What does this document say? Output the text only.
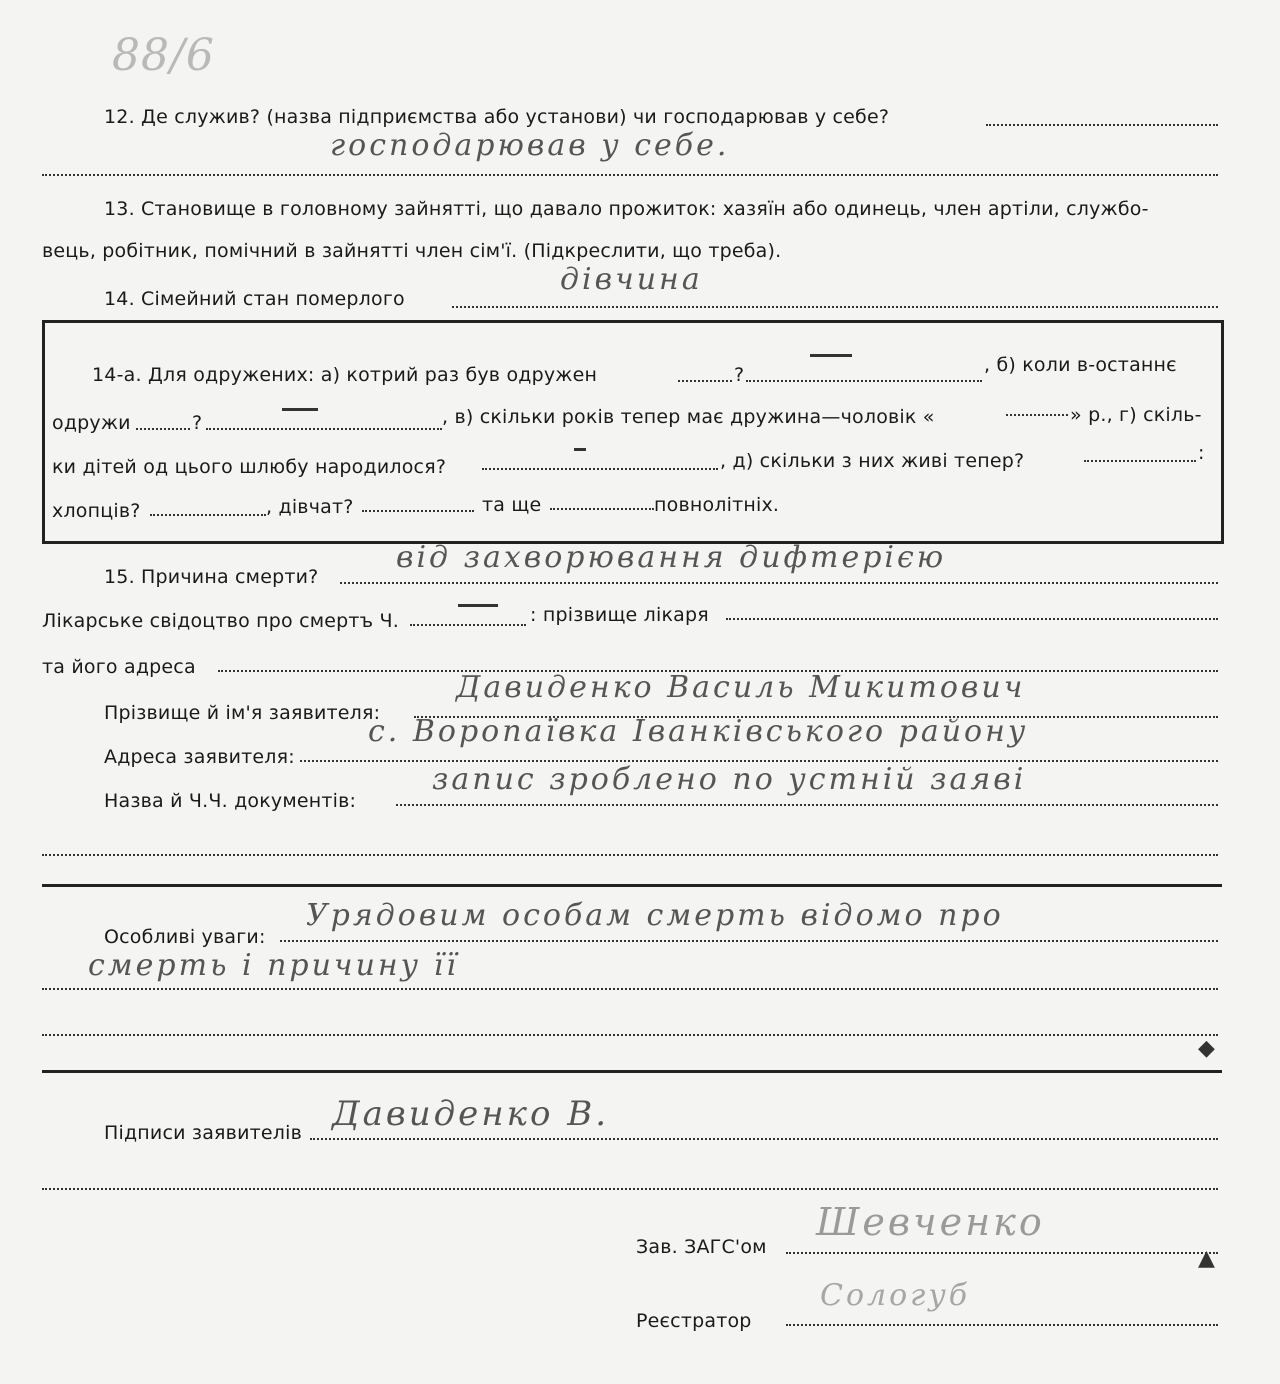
88/6
12. Де служив? (назва підприємства або установи) чи господарював у себе?
господарював у себе.
13. Становище в головному зайнятті, що давало прожиток: хазяїн або одинець, член артіли, службо-
вець, робітник, помічний в зайнятті член сім'ї. (Підкреслити, що треба).
14. Сімейний стан померлого
дівчина
14-а. Для одружених: а) котрий раз був одружен	?	, б) коли в-останнє
одружи	?	, в) скільки років тепер має дружина—чоловік «	» р., г) скіль-
ки дітей од цього шлюбу народилося?	, д) скільки з них живі тепер?	:
хлопців?	, дівчат?	та ще	повнолітніх.
15. Причина смерти?
від захворювання дифтерією
Лікарське свідоцтво про смертъ Ч.	: прізвище лікаря
та його адреса
Прізвище й ім'я заявителя:
Давиденко Василь Микитович
Адреса заявителя:
с. Воропаївка Іванківського району
Назва й Ч.Ч. документів:
запис зроблено по устній заяві
Особливі уваги:
Урядовим особам смерть відомо про
смерть і причину її
◆
Підписи заявителів Давиденко В.
Зав. ЗАГС'ом
Шевченко
▲
Реєстратор
Сологуб
